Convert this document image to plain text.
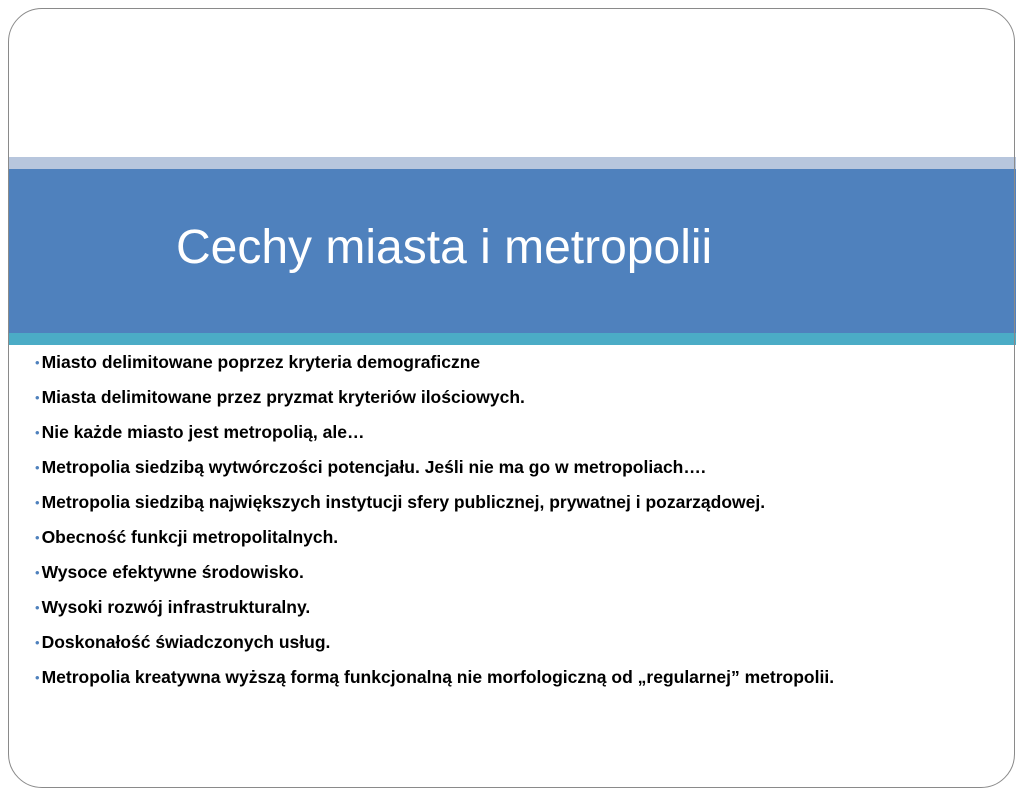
Cechy miasta i metropolii
• Miasto delimitowane poprzez kryteria demograficzne
• Miasta delimitowane przez pryzmat kryteriów ilościowych.
• Nie każde miasto jest metropolią, ale…
• Metropolia siedzibą wytwórczości potencjału. Jeśli nie ma go w metropoliach….
• Metropolia siedzibą największych instytucji sfery publicznej, prywatnej i pozarządowej.
• Obecność funkcji metropolitalnych.
• Wysoce efektywne środowisko.
• Wysoki rozwój infrastrukturalny.
• Doskonałość świadczonych usług.
• Metropolia kreatywna wyższą formą funkcjonalną nie morfologiczną od „regularnej” metropolii.
